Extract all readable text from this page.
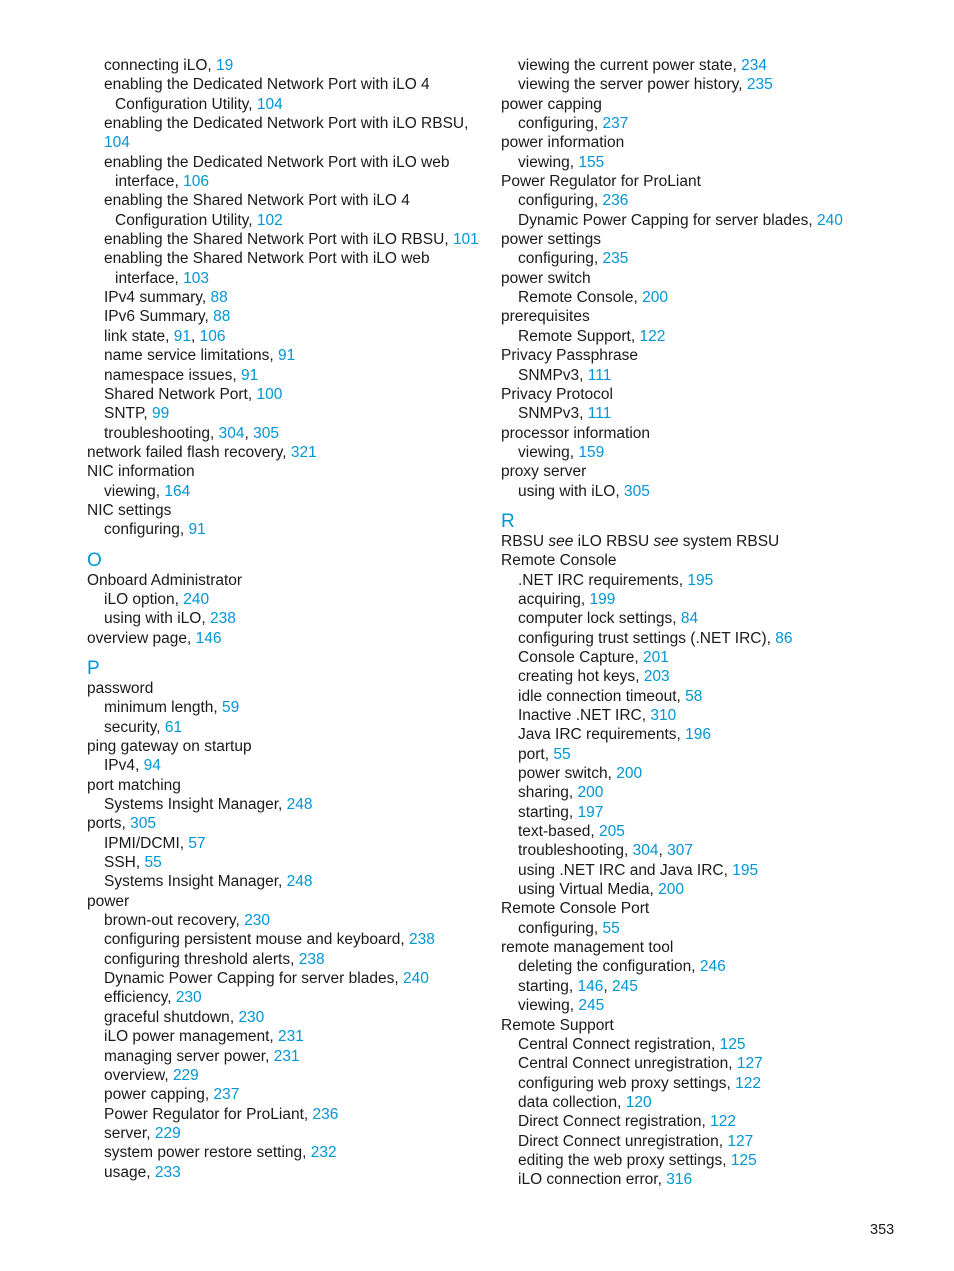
connecting iLO, 19
enabling the Dedicated Network Port with iLO 4
Configuration Utility, 104
enabling the Dedicated Network Port with iLO RBSU,
104
enabling the Dedicated Network Port with iLO web
interface, 106
enabling the Shared Network Port with iLO 4
Configuration Utility, 102
enabling the Shared Network Port with iLO RBSU, 101
enabling the Shared Network Port with iLO web
interface, 103
IPv4 summary, 88
IPv6 Summary, 88
link state, 91, 106
name service limitations, 91
namespace issues, 91
Shared Network Port, 100
SNTP, 99
troubleshooting, 304, 305
network failed flash recovery, 321
NIC information
viewing, 164
NIC settings
configuring, 91
O
Onboard Administrator
iLO option, 240
using with iLO, 238
overview page, 146
P
password
minimum length, 59
security, 61
ping gateway on startup
IPv4, 94
port matching
Systems Insight Manager, 248
ports, 305
IPMI/DCMI, 57
SSH, 55
Systems Insight Manager, 248
power
brown-out recovery, 230
configuring persistent mouse and keyboard, 238
configuring threshold alerts, 238
Dynamic Power Capping for server blades, 240
efficiency, 230
graceful shutdown, 230
iLO power management, 231
managing server power, 231
overview, 229
power capping, 237
Power Regulator for ProLiant, 236
server, 229
system power restore setting, 232
usage, 233
viewing the current power state, 234
viewing the server power history, 235
power capping
configuring, 237
power information
viewing, 155
Power Regulator for ProLiant
configuring, 236
Dynamic Power Capping for server blades, 240
power settings
configuring, 235
power switch
Remote Console, 200
prerequisites
Remote Support, 122
Privacy Passphrase
SNMPv3, 111
Privacy Protocol
SNMPv3, 111
processor information
viewing, 159
proxy server
using with iLO, 305
R
RBSU see iLO RBSU see system RBSU
Remote Console
.NET IRC requirements, 195
acquiring, 199
computer lock settings, 84
configuring trust settings (.NET IRC), 86
Console Capture, 201
creating hot keys, 203
idle connection timeout, 58
Inactive .NET IRC, 310
Java IRC requirements, 196
port, 55
power switch, 200
sharing, 200
starting, 197
text-based, 205
troubleshooting, 304, 307
using .NET IRC and Java IRC, 195
using Virtual Media, 200
Remote Console Port
configuring, 55
remote management tool
deleting the configuration, 246
starting, 146, 245
viewing, 245
Remote Support
Central Connect registration, 125
Central Connect unregistration, 127
configuring web proxy settings, 122
data collection, 120
Direct Connect registration, 122
Direct Connect unregistration, 127
editing the web proxy settings, 125
iLO connection error, 316
353
